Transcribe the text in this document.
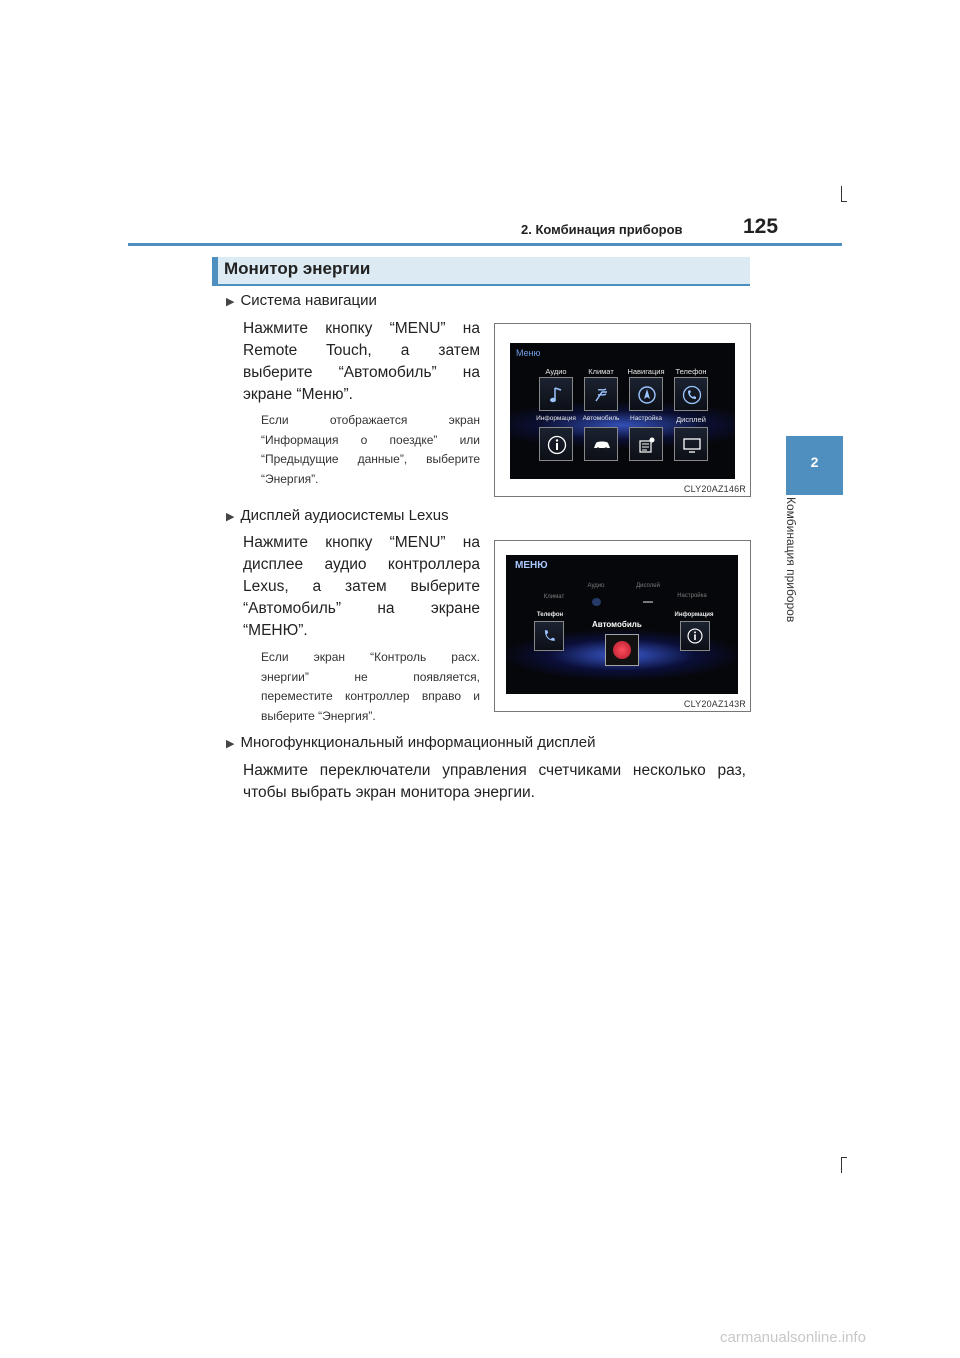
2. Комбинация приборов	125
2
Комбинация приборов
Монитор энергии
▶ Система навигации
Нажмите кнопку “MENU” на
Remote Touch, а затем
выберите “Автомобиль” на
экране “Меню”.
Если отображается экран
“Информация о поездке” или
“Предыдущие данные”, выберите
“Энергия”.
Меню
Аудио	Климат	Навигация	Телефон
Информация	Автомобиль	Настройка	Дисплей
CLY20AZ146R
▶ Дисплей аудиосистемы Lexus
Нажмите кнопку “MENU” на
дисплее аудио контроллера
Lexus, а затем выберите
“Автомобиль” на экране
“МЕНЮ”.
Если экран “Контроль расх.
энергии” не появляется,
переместите контроллер вправо и
выберите “Энергия”.
МЕНЮ
Климат
Аудио	Дисплей
Настройка
Телефон
Автомобиль
Информация
CLY20AZ143R
▶ Многофункциональный информационный дисплей
Нажмите переключатели управления счетчиками несколько раз,
чтобы выбрать экран монитора энергии.
carmanualsonline.info
